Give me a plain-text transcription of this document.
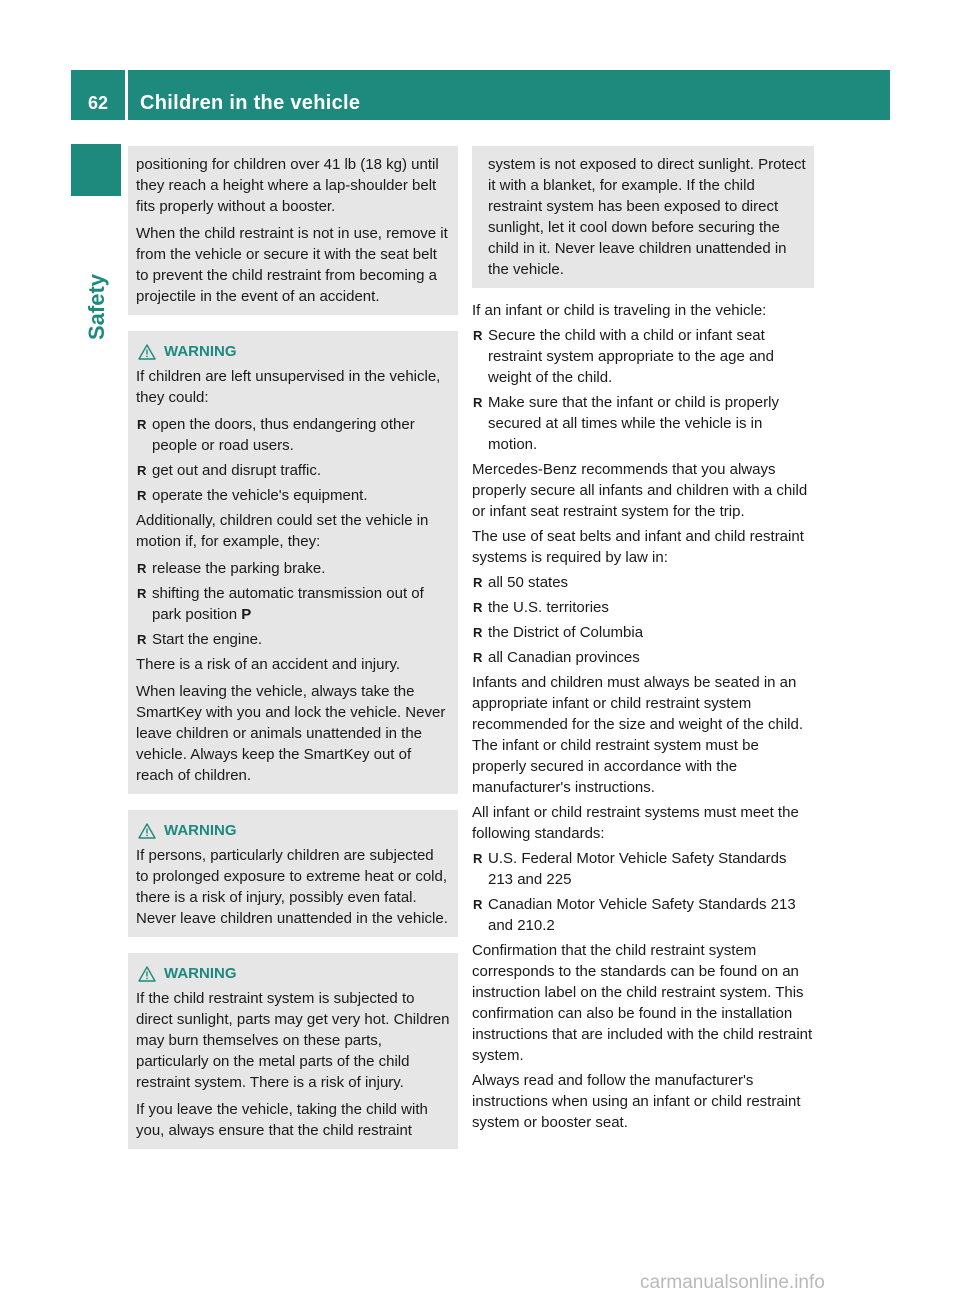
62	Children in the vehicle
Safety

positioning for children over 41 lb (18 kg) until they reach a height where a lap-shoulder belt fits properly without a booster.

When the child restraint is not in use, remove it from the vehicle or secure it with the seat belt to prevent the child restraint from becoming a projectile in the event of an accident.

WARNING

If children are left unsupervised in the vehicle, they could:

R open the doors, thus endangering other people or road users.
R get out and disrupt traffic.
R operate the vehicle's equipment.

Additionally, children could set the vehicle in motion if, for example, they:

R release the parking brake.
R shifting the automatic transmission out of park position P
R Start the engine.

There is a risk of an accident and injury.

When leaving the vehicle, always take the SmartKey with you and lock the vehicle. Never leave children or animals unattended in the vehicle. Always keep the SmartKey out of reach of children.

WARNING

If persons, particularly children are subjected to prolonged exposure to extreme heat or cold, there is a risk of injury, possibly even fatal. Never leave children unattended in the vehicle.

WARNING

If the child restraint system is subjected to direct sunlight, parts may get very hot. Children may burn themselves on these parts, particularly on the metal parts of the child restraint system. There is a risk of injury.

If you leave the vehicle, taking the child with you, always ensure that the child restraint

system is not exposed to direct sunlight. Protect it with a blanket, for example. If the child restraint system has been exposed to direct sunlight, let it cool down before securing the child in it. Never leave children unattended in the vehicle.

If an infant or child is traveling in the vehicle:

R Secure the child with a child or infant seat restraint system appropriate to the age and weight of the child.
R Make sure that the infant or child is properly secured at all times while the vehicle is in motion.

Mercedes-Benz recommends that you always properly secure all infants and children with a child or infant seat restraint system for the trip.

The use of seat belts and infant and child restraint systems is required by law in:

R all 50 states
R the U.S. territories
R the District of Columbia
R all Canadian provinces

Infants and children must always be seated in an appropriate infant or child restraint system recommended for the size and weight of the child. The infant or child restraint system must be properly secured in accordance with the manufacturer's instructions.

All infant or child restraint systems must meet the following standards:

R U.S. Federal Motor Vehicle Safety Standards 213 and 225
R Canadian Motor Vehicle Safety Standards 213 and 210.2

Confirmation that the child restraint system corresponds to the standards can be found on an instruction label on the child restraint system. This confirmation can also be found in the installation instructions that are included with the child restraint system.

Always read and follow the manufacturer's instructions when using an infant or child restraint system or booster seat.

carmanualsonline.info
